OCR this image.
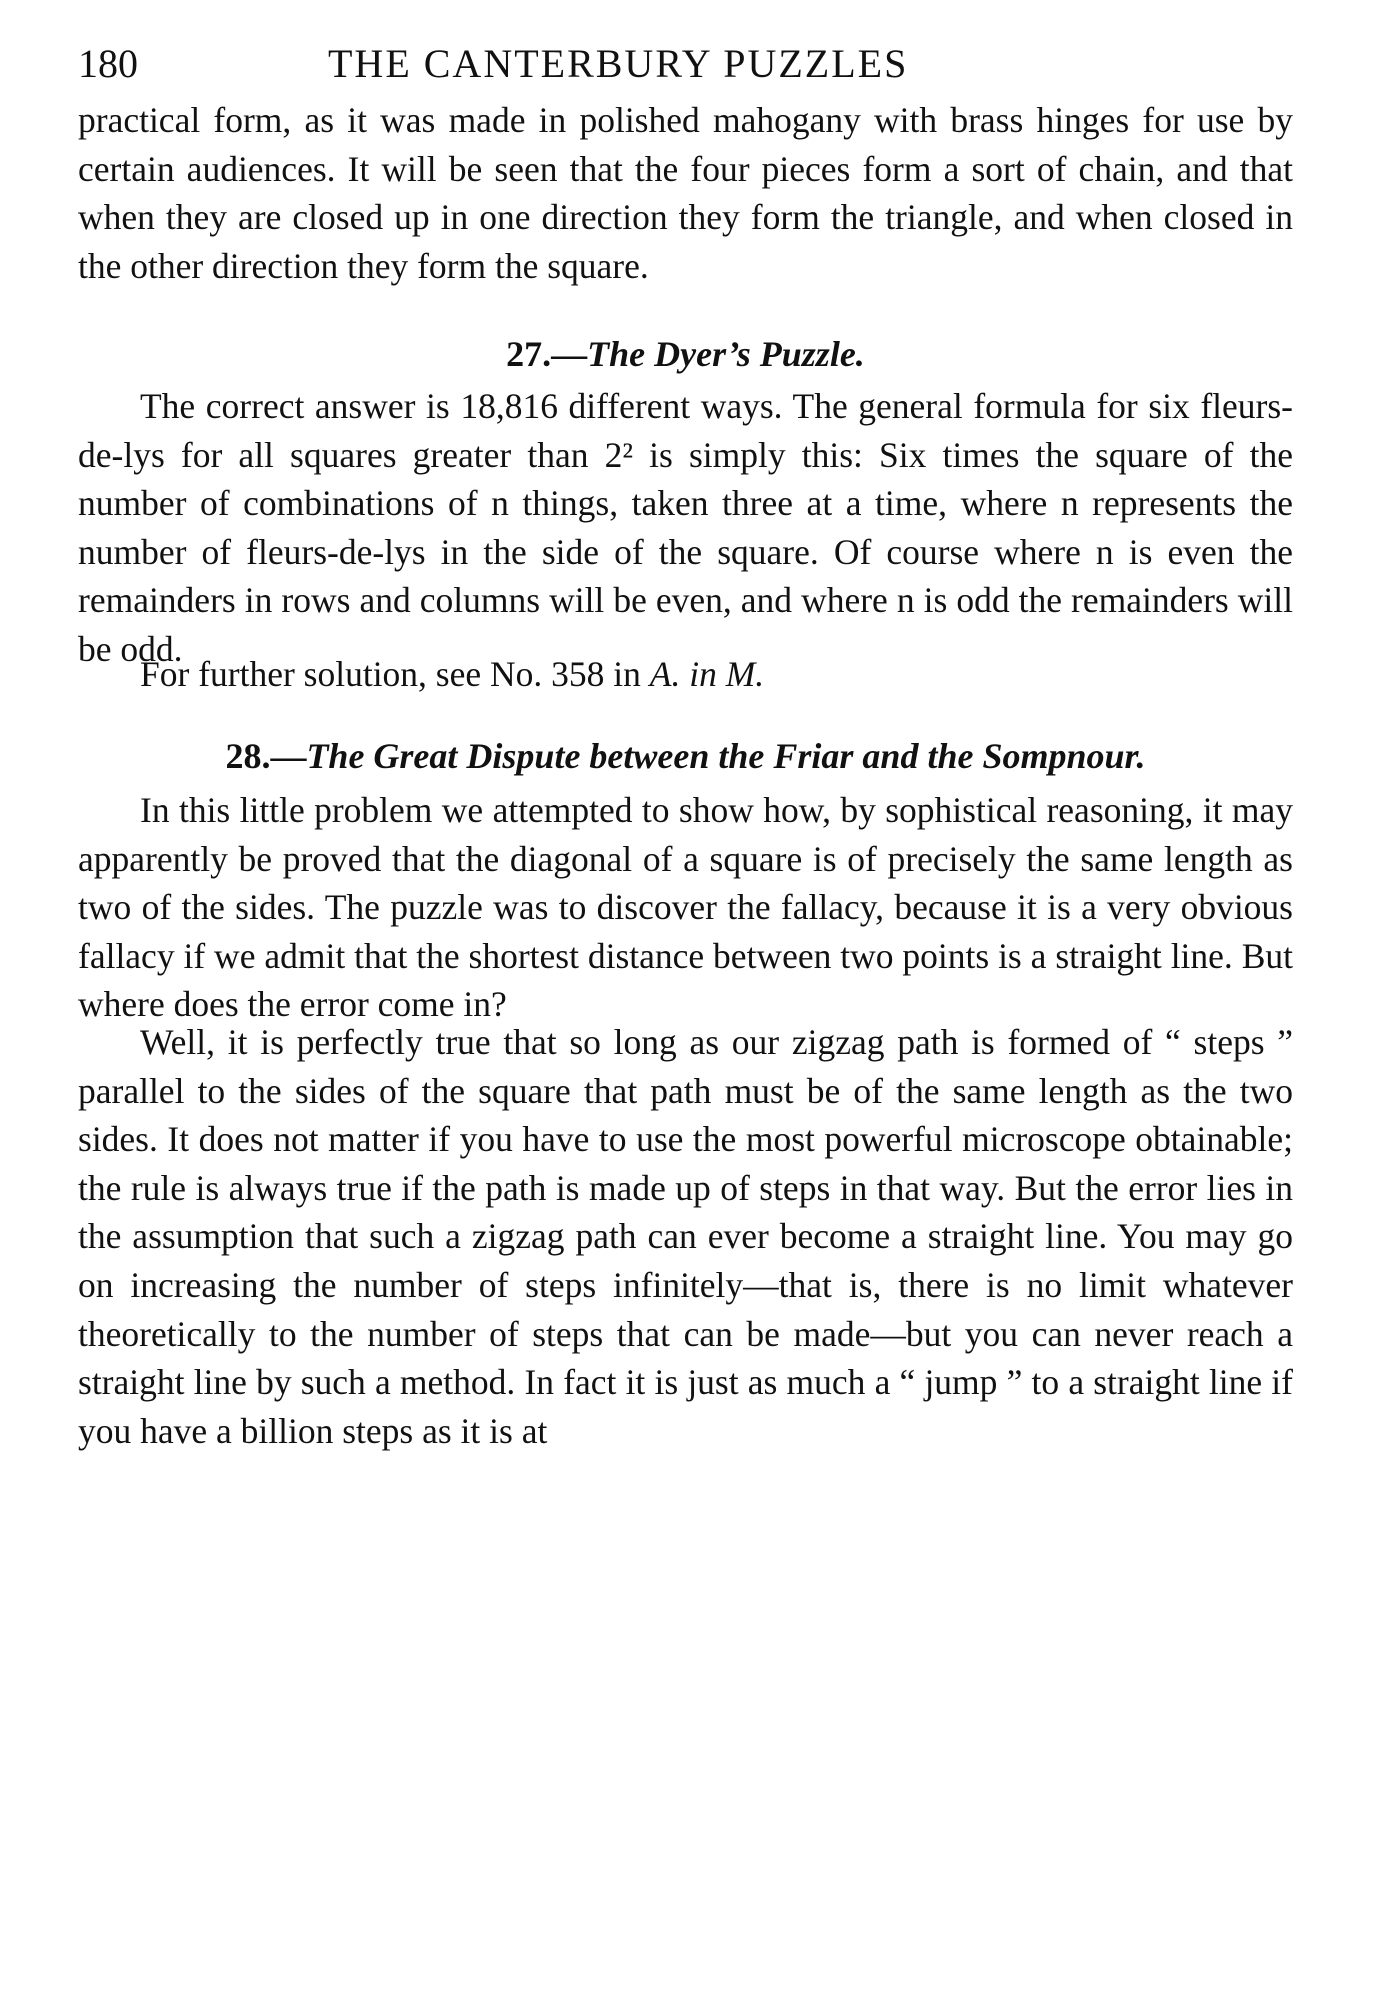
180	THE CANTERBURY PUZZLES

practical form, as it was made in polished mahogany with brass hinges for use by certain audiences. It will be seen that the four pieces form a sort of chain, and that when they are closed up in one direction they form the triangle, and when closed in the other direction they form the square.

27.—The Dyer’s Puzzle.

The correct answer is 18,816 different ways. The general formula for six fleurs-de-lys for all squares greater than 2² is simply this: Six times the square of the number of combinations of n things, taken three at a time, where n represents the number of fleurs-de-lys in the side of the square. Of course where n is even the remainders in rows and columns will be even, and where n is odd the remainders will be odd.

For further solution, see No. 358 in A. in M.

28.—The Great Dispute between the Friar and the Sompnour.

In this little problem we attempted to show how, by sophistical reasoning, it may apparently be proved that the diagonal of a square is of precisely the same length as two of the sides. The puzzle was to discover the fallacy, because it is a very obvious fallacy if we admit that the shortest distance between two points is a straight line. But where does the error come in?

Well, it is perfectly true that so long as our zigzag path is formed of “ steps ” parallel to the sides of the square that path must be of the same length as the two sides. It does not matter if you have to use the most powerful microscope obtainable; the rule is always true if the path is made up of steps in that way. But the error lies in the assumption that such a zigzag path can ever become a straight line. You may go on increasing the number of steps infinitely—that is, there is no limit whatever theoretically to the number of steps that can be made—but you can never reach a straight line by such a method. In fact it is just as much a “ jump ” to a straight line if you have a billion steps as it is at
